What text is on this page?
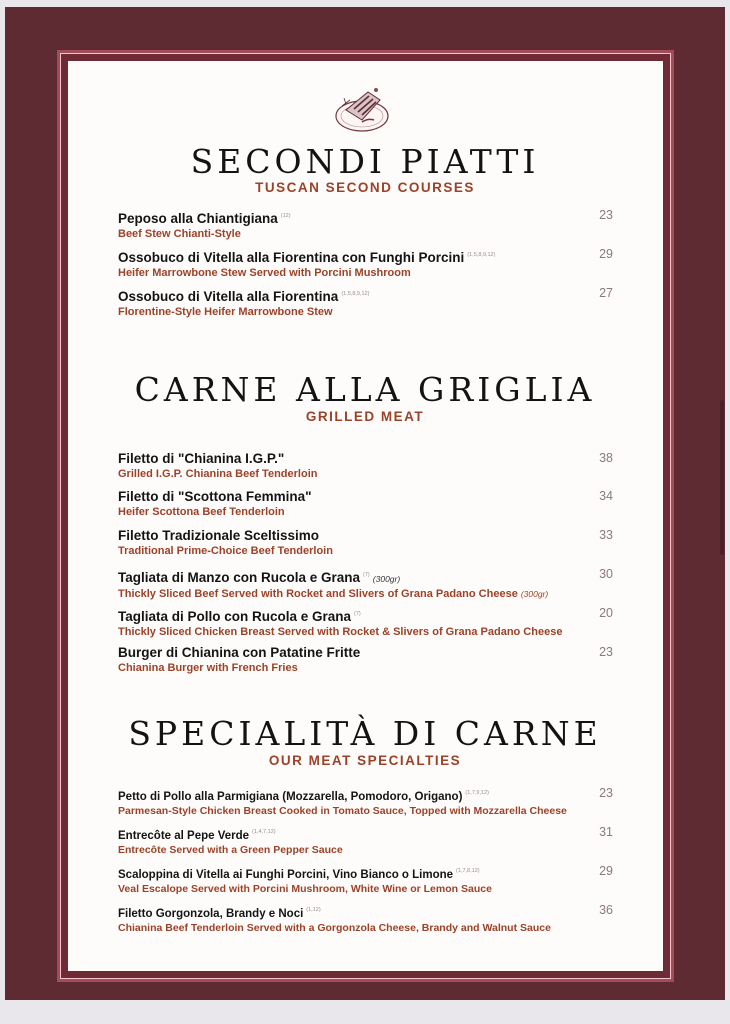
SECONDI PIATTI
TUSCAN SECOND COURSES
Peposo alla Chiantigiana $^{(12)}$
Beef Stew Chianti-Style
23
Ossobuco di Vitella alla Fiorentina con Funghi Porcini $^{(1,5,8,9,12)}$
Heifer Marrowbone Stew Served with Porcini Mushroom
29
Ossobuco di Vitella alla Fiorentina $^{(1,5,8,9,12)}$
Florentine-Style Heifer Marrowbone Stew
27
CARNE ALLA GRIGLIA
GRILLED MEAT
Filetto di "Chianina I.G.P."
Grilled I.G.P. Chianina Beef Tenderloin
38
Filetto di "Scottona Femmina"
Heifer Scottona Beef Tenderloin
34
Filetto Tradizionale Sceltissimo
Traditional Prime-Choice Beef Tenderloin
33
Tagliata di Manzo con Rucola e Grana $^{(7)}$ (300gr)
Thickly Sliced Beef Served with Rocket and Slivers of Grana Padano Cheese (300gr)
30
Tagliata di Pollo con Rucola e Grana $^{(7)}$
Thickly Sliced Chicken Breast Served with Rocket & Slivers of Grana Padano Cheese
20
Burger di Chianina con Patatine Fritte
Chianina Burger with French Fries
23
SPECIALITÀ DI CARNE
OUR MEAT SPECIALTIES
Petto di Pollo alla Parmigiana (Mozzarella, Pomodoro, Origano) $^{(1,7,9,12)}$
Parmesan-Style Chicken Breast Cooked in Tomato Sauce, Topped with Mozzarella Cheese
23
Entrecôte al Pepe Verde $^{(1,4,7,12)}$
Entrecôte Served with a Green Pepper Sauce
31
Scaloppina di Vitella ai Funghi Porcini, Vino Bianco o Limone $^{(1,7,8,12)}$
Veal Escalope Served with Porcini Mushroom, White Wine or Lemon Sauce
29
Filetto Gorgonzola, Brandy e Noci $^{(1,12)}$
Chianina Beef Tenderloin Served with a Gorgonzola Cheese, Brandy and Walnut Sauce
36
